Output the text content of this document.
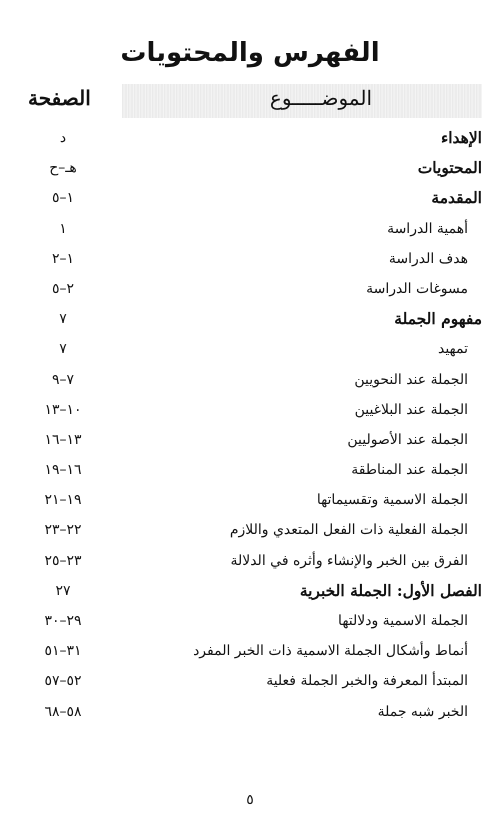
الفهرس والمحتويات
الموضـــــوع
الصفحة
الإهداء
د
المحتويات
هـ–ح
المقدمة
١–٥
أهمية الدراسة
١
هدف الدراسة
١–٢
مسوغات الدراسة
٢–٥
مفهوم الجملة
٧
تمهيد
٧
الجملة عند النحويين
٧–٩
الجملة عند البلاغيين
١٠–١٣
الجملة عند الأصوليين
١٣–١٦
الجملة عند المناطقة
١٦–١٩
الجملة الاسمية وتقسيماتها
١٩–٢١
الجملة الفعلية ذات الفعل المتعدي واللازم
٢٢–٢٣
الفرق بين الخبر والإنشاء وأثره في الدلالة
٢٣–٢٥
الفصل الأول: الجملة الخبرية
٢٧
الجملة الاسمية ودلالتها
٢٩–٣٠
أنماط وأشكال الجملة الاسمية ذات الخبر المفرد
٣١–٥١
المبتدأ المعرفة والخبر الجملة فعلية
٥٢–٥٧
الخبر شبه جملة
٥٨–٦٨
٥
